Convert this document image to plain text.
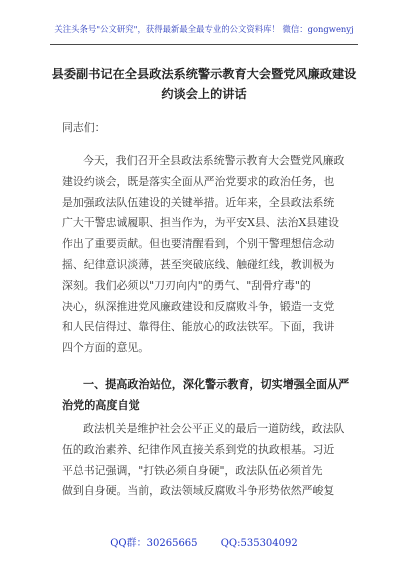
关注头条号"公文研究"，获得最新最全最专业的公文资料库！ 微信：gongwenyj
县委副书记在全县政法系统警示教育大会暨党风廉政建设
约谈会上的讲话
同志们：
今天，我们召开全县政法系统警示教育大会暨党风廉政
建设约谈会，既是落实全面从严治党要求的政治任务，也
是加强政法队伍建设的关键举措。近年来，全县政法系统
广大干警忠诚履职、担当作为，为平安X县、法治X县建设
作出了重要贡献。但也要清醒看到，个别干警理想信念动
摇、纪律意识淡薄，甚至突破底线、触碰红线，教训极为
深刻。我们必须以"刀刃向内"的勇气、"刮骨疗毒"的
决心，纵深推进党风廉政建设和反腐败斗争，锻造一支党
和人民信得过、靠得住、能放心的政法铁军。下面，我讲
四个方面的意见。
一、提高政治站位，深化警示教育，切实增强全面从严
治党的高度自觉
政法机关是维护社会公平正义的最后一道防线，政法队
伍的政治素养、纪律作风直接关系到党的执政根基。习近
平总书记强调，"打铁必须自身硬"，政法队伍必须首先
做到自身硬。当前，政法领域反腐败斗争形势依然严峻复
QQ群：30265665 QQ:535304092
